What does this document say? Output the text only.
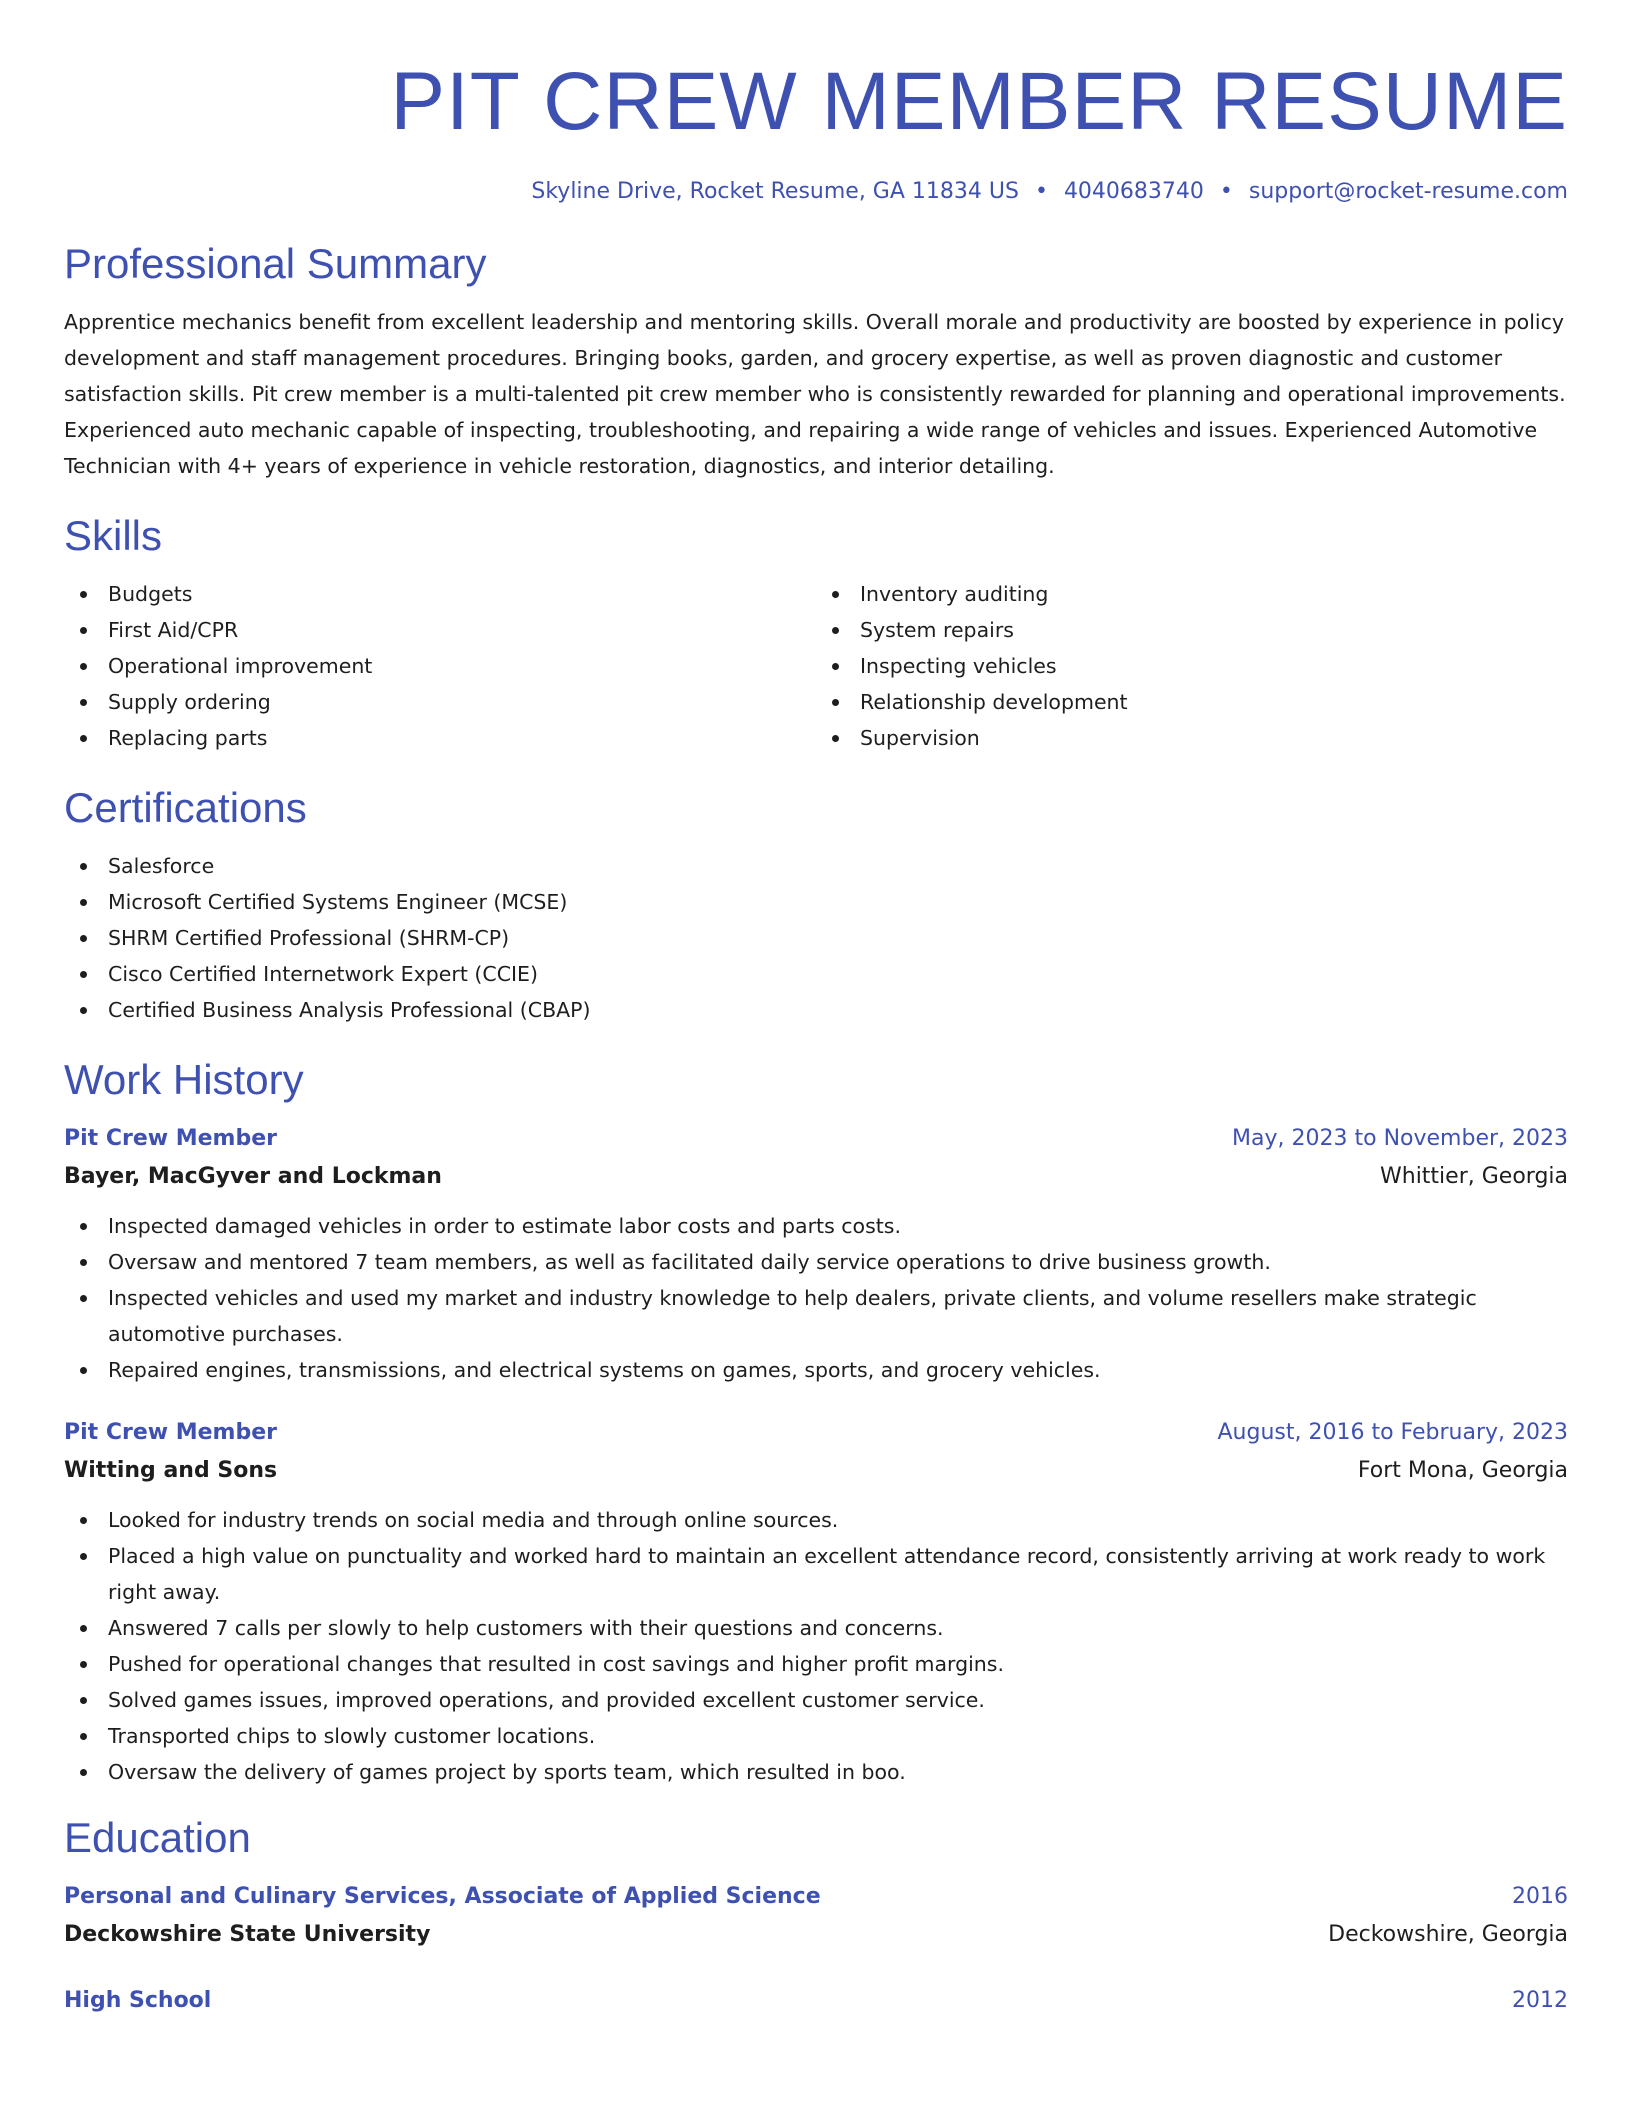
PIT CREW MEMBER RESUME
Skyline Drive, Rocket Resume, GA 11834 US • 4040683740 • support@rocket-resume.com
Professional Summary

Apprentice mechanics benefit from excellent leadership and mentoring skills. Overall morale and productivity are boosted by experience in policy development and staff management procedures. Bringing books, garden, and grocery expertise, as well as proven diagnostic and customer satisfaction skills. Pit crew member is a multi-talented pit crew member who is consistently rewarded for planning and operational improvements. Experienced auto mechanic capable of inspecting, troubleshooting, and repairing a wide range of vehicles and issues. Experienced Automotive Technician with 4+ years of experience in vehicle restoration, diagnostics, and interior detailing.

Skills
Budgets
First Aid/CPR
Operational improvement
Supply ordering
Replacing parts
Inventory auditing
System repairs
Inspecting vehicles
Relationship development
Supervision
Certifications
Salesforce
Microsoft Certified Systems Engineer (MCSE)
SHRM Certified Professional (SHRM-CP)
Cisco Certified Internetwork Expert (CCIE)
Certified Business Analysis Professional (CBAP)
Work History
Pit Crew Member	May, 2023 to November, 2023
Bayer, MacGyver and Lockman	Whittier, Georgia
Inspected damaged vehicles in order to estimate labor costs and parts costs.
Oversaw and mentored 7 team members, as well as facilitated daily service operations to drive business growth.
Inspected vehicles and used my market and industry knowledge to help dealers, private clients, and volume resellers make strategic automotive purchases.
Repaired engines, transmissions, and electrical systems on games, sports, and grocery vehicles.
Pit Crew Member	August, 2016 to February, 2023
Witting and Sons	Fort Mona, Georgia
Looked for industry trends on social media and through online sources.
Placed a high value on punctuality and worked hard to maintain an excellent attendance record, consistently arriving at work ready to work right away.
Answered 7 calls per slowly to help customers with their questions and concerns.
Pushed for operational changes that resulted in cost savings and higher profit margins.
Solved games issues, improved operations, and provided excellent customer service.
Transported chips to slowly customer locations.
Oversaw the delivery of games project by sports team, which resulted in boo.
Education
Personal and Culinary Services, Associate of Applied Science	2016
Deckowshire State University	Deckowshire, Georgia
High School	2012
